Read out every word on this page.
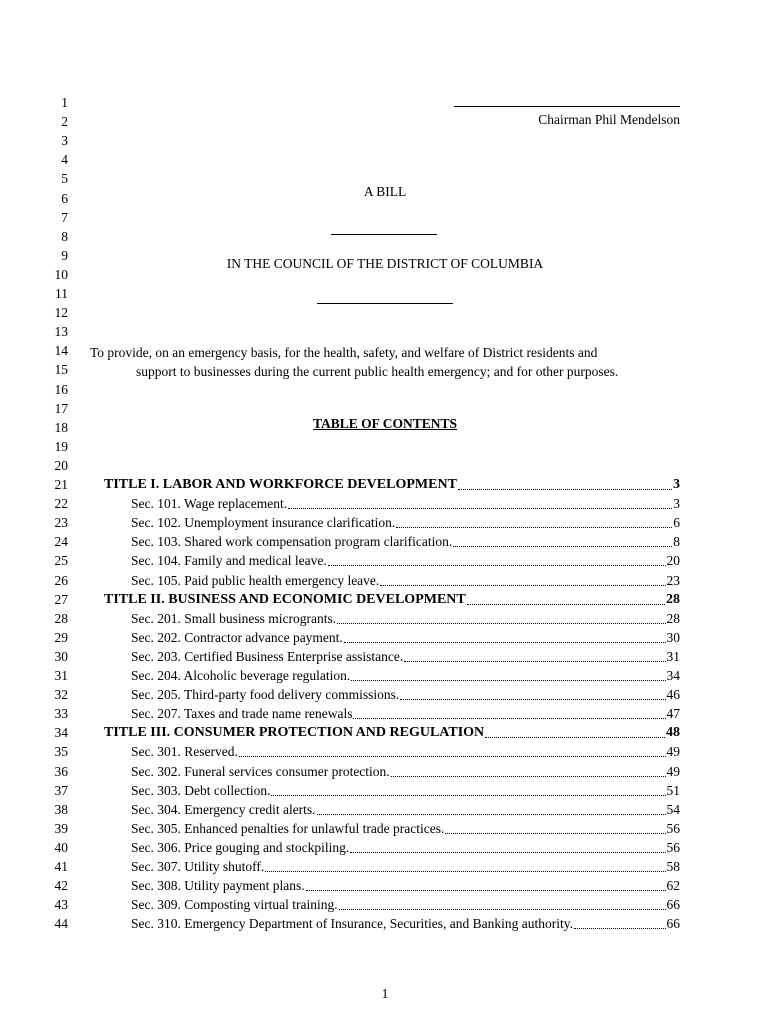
1
2
3
4
5
6
7
8
9
10
11
12
13
14
15
16
17
18
19
20
21
22
23
24
25
26
27
28
29
30
31
32
33
34
35
36
37
38
39
40
41
42
43
44
Chairman Phil Mendelson
A BILL
IN THE COUNCIL OF THE DISTRICT OF COLUMBIA
To provide, on an emergency basis, for the health, safety, and welfare of District residents and
support to businesses during the current public health emergency; and for other purposes.
TABLE OF CONTENTS
TITLE I. LABOR AND WORKFORCE DEVELOPMENT	3
Sec. 101. Wage replacement.	3
Sec. 102. Unemployment insurance clarification.	6
Sec. 103. Shared work compensation program clarification.	8
Sec. 104. Family and medical leave.	20
Sec. 105. Paid public health emergency leave.	23
TITLE II. BUSINESS AND ECONOMIC DEVELOPMENT	28
Sec. 201. Small business microgrants.	28
Sec. 202. Contractor advance payment.	30
Sec. 203. Certified Business Enterprise assistance.	31
Sec. 204. Alcoholic beverage regulation.	34
Sec. 205. Third-party food delivery commissions.	46
Sec. 207. Taxes and trade name renewals	47
TITLE III. CONSUMER PROTECTION AND REGULATION	48
Sec. 301. Reserved.	49
Sec. 302. Funeral services consumer protection.	49
Sec. 303. Debt collection.	51
Sec. 304. Emergency credit alerts.	54
Sec. 305. Enhanced penalties for unlawful trade practices.	56
Sec. 306. Price gouging and stockpiling.	56
Sec. 307. Utility shutoff.	58
Sec. 308. Utility payment plans.	62
Sec. 309. Composting virtual training.	66
Sec. 310. Emergency Department of Insurance, Securities, and Banking authority.	66
1
